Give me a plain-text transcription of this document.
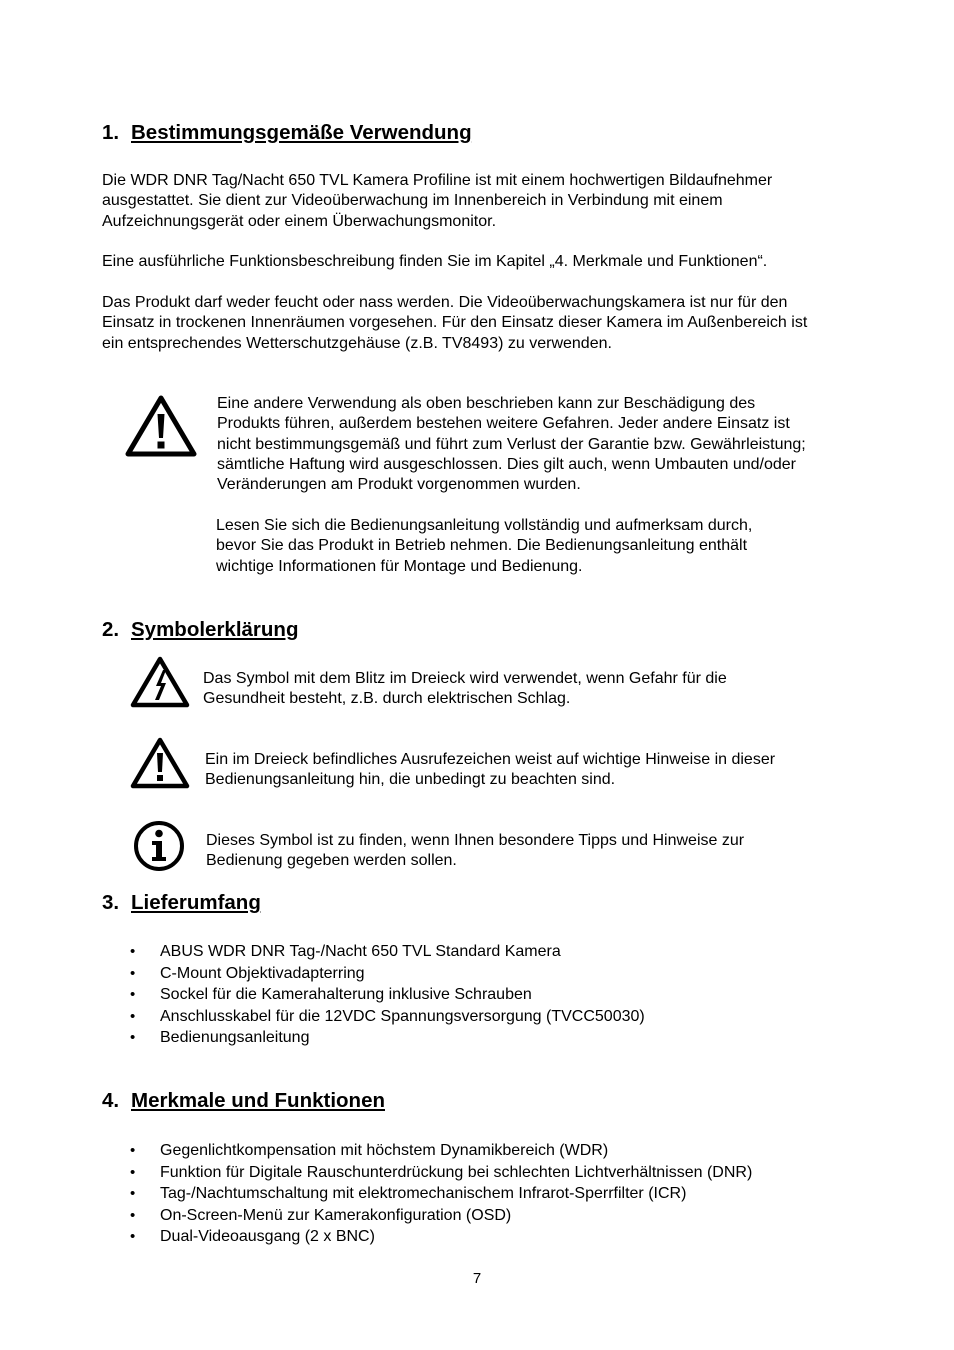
1. Bestimmungsgemäße Verwendung
Die WDR DNR Tag/Nacht 650 TVL Kamera Profiline ist mit einem hochwertigen Bildaufnehmer
ausgestattet. Sie dient zur Videoüberwachung im Innenbereich in Verbindung mit einem
Aufzeichnungsgerät oder einem Überwachungsmonitor.
Eine ausführliche Funktionsbeschreibung finden Sie im Kapitel „4. Merkmale und Funktionen“.
Das Produkt darf weder feucht oder nass werden. Die Videoüberwachungskamera ist nur für den
Einsatz in trockenen Innenräumen vorgesehen. Für den Einsatz dieser Kamera im Außenbereich ist
ein entsprechendes Wetterschutzgehäuse (z.B. TV8493) zu verwenden.
Eine andere Verwendung als oben beschrieben kann zur Beschädigung des
Produkts führen, außerdem bestehen weitere Gefahren. Jeder andere Einsatz ist
nicht bestimmungsgemäß und führt zum Verlust der Garantie bzw. Gewährleistung;
sämtliche Haftung wird ausgeschlossen. Dies gilt auch, wenn Umbauten und/oder
Veränderungen am Produkt vorgenommen wurden.
Lesen Sie sich die Bedienungsanleitung vollständig und aufmerksam durch,
bevor Sie das Produkt in Betrieb nehmen. Die Bedienungsanleitung enthält
wichtige Informationen für Montage und Bedienung.
2. Symbolerklärung
Das Symbol mit dem Blitz im Dreieck wird verwendet, wenn Gefahr für die
Gesundheit besteht, z.B. durch elektrischen Schlag.
Ein im Dreieck befindliches Ausrufezeichen weist auf wichtige Hinweise in dieser
Bedienungsanleitung hin, die unbedingt zu beachten sind.
Dieses Symbol ist zu finden, wenn Ihnen besondere Tipps und Hinweise zur
Bedienung gegeben werden sollen.
3. Lieferumfang
• ABUS WDR DNR Tag-/Nacht 650 TVL Standard Kamera
• C-Mount Objektivadapterring
• Sockel für die Kamerahalterung inklusive Schrauben
• Anschlusskabel für die 12VDC Spannungsversorgung (TVCC50030)
• Bedienungsanleitung
4. Merkmale und Funktionen
• Gegenlichtkompensation mit höchstem Dynamikbereich (WDR)
• Funktion für Digitale Rauschunterdrückung bei schlechten Lichtverhältnissen (DNR)
• Tag-/Nachtumschaltung mit elektromechanischem Infrarot-Sperrfilter (ICR)
• On-Screen-Menü zur Kamerakonfiguration (OSD)
• Dual-Videoausgang (2 x BNC)
7
